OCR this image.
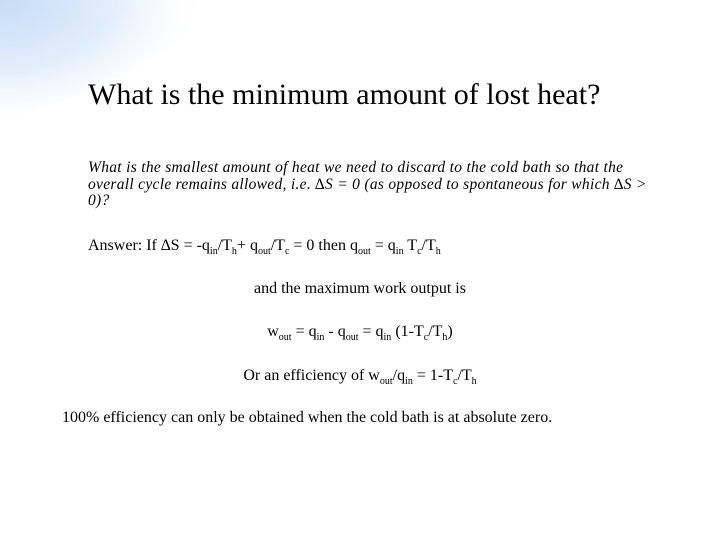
What is the minimum amount of lost heat?
What is the smallest amount of heat we need to discard to the cold bath so that the overall cycle remains allowed, i.e. ∆S = 0 (as opposed to spontaneous for which ∆S > 0)?
Answer: If $\Delta S = -q_{in}/T_h+ q_{out}/T_c = 0$ then $q_{out} = q_{in}$ $T_c/T_h$
and the maximum work output is
$w_{out} = q_{in} - q_{out} = q_{in}$ $(1-T_c/T_h)$
Or an efficiency of $w_{out}/q_{in} = 1-T_c/T_h$
100% efficiency can only be obtained when the cold bath is at absolute zero.
